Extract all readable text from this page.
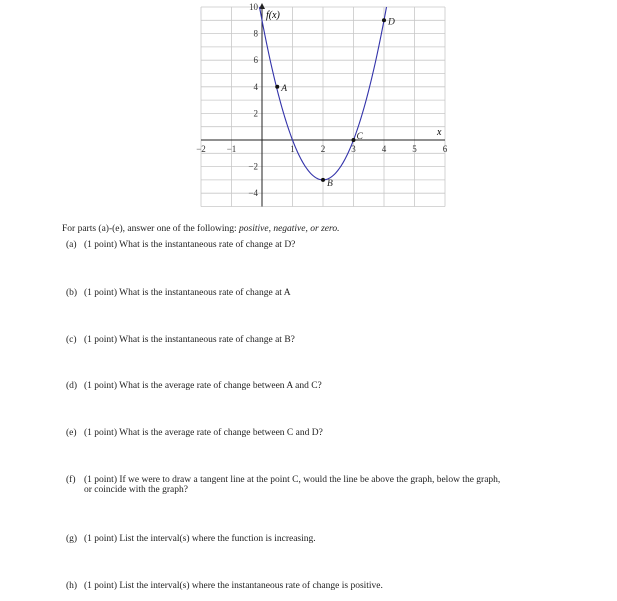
−2 −1	1	2	3	4	5	6
−4
−2
2
4
6
8
10
A
B
C
D
f(x)
x
For parts (a)-(e), answer one of the following: positive, negative, or zero.
(a) (1 point) What is the instantaneous rate of change at D?
(b) (1 point) What is the instantaneous rate of change at A
(c) (1 point) What is the instantaneous rate of change at B?
(d) (1 point) What is the average rate of change between A and C?
(e) (1 point) What is the average rate of change between C and D?
(f) (1 point) If we were to draw a tangent line at the point C, would the line be above the graph, below the graph,
or coincide with the graph?
(g) (1 point) List the interval(s) where the function is increasing.
(h) (1 point) List the interval(s) where the instantaneous rate of change is positive.
